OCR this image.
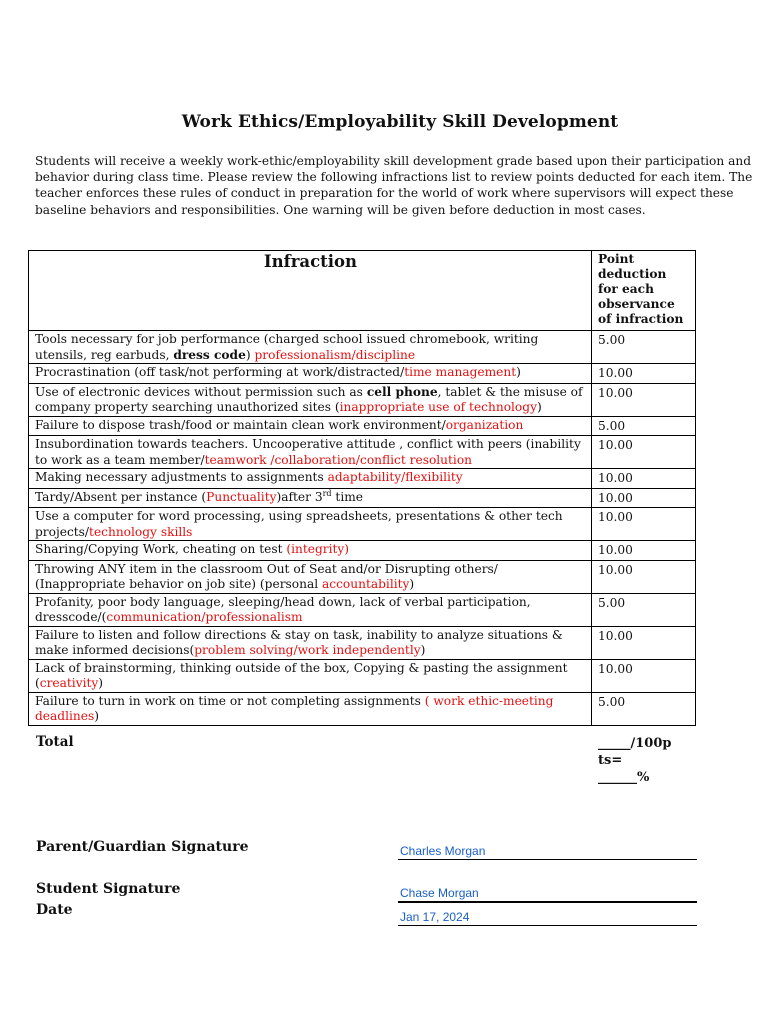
Work Ethics/Employability Skill Development
Students will receive a weekly work-ethic/employability skill development grade based upon their participation and behavior during class time. Please review the following infractions list to review points deducted for each item. The teacher enforces these rules of conduct in preparation for the world of work where supervisors will expect these baseline behaviors and responsibilities. One warning will be given before deduction in most cases.
Infraction	Point deduction for each observance of infraction
Tools necessary for job performance (charged school issued chromebook, writing utensils, reg earbuds, dress code) professionalism/discipline	5.00
Procrastination (off task/not performing at work/distracted/time management)	10.00
Use of electronic devices without permission such as cell phone, tablet & the misuse of company property searching unauthorized sites (inappropriate use of technology)	10.00
Failure to dispose trash/food or maintain clean work environment/organization	5.00
Insubordination towards teachers. Uncooperative attitude , conflict with peers (inability to work as a team member/teamwork /collaboration/conflict resolution	10.00
Making necessary adjustments to assignments adaptability/flexibility	10.00
Tardy/Absent per instance (Punctuality)after 3rd time	10.00
Use a computer for word processing, using spreadsheets, presentations & other tech projects/technology skills	10.00
Sharing/Copying Work, cheating on test (integrity)	10.00
Throwing ANY item in the classroom Out of Seat and/or Disrupting others/ (Inappropriate behavior on job site) (personal accountability)	10.00
Profanity, poor body language, sleeping/head down, lack of verbal participation, dresscode/(communication/professionalism	5.00
Failure to listen and follow directions & stay on task, inability to analyze situations & make informed decisions(problem solving/work independently)	10.00
Lack of brainstorming, thinking outside of the box, Copying & pasting the assignment (creativity)	10.00
Failure to turn in work on time or not completing assignments ( work ethic-meeting deadlines)	5.00
Total	_____/100p
ts=
______%
Parent/Guardian Signature	Charles Morgan
Student Signature	Chase Morgan
Date	Jan 17, 2024
